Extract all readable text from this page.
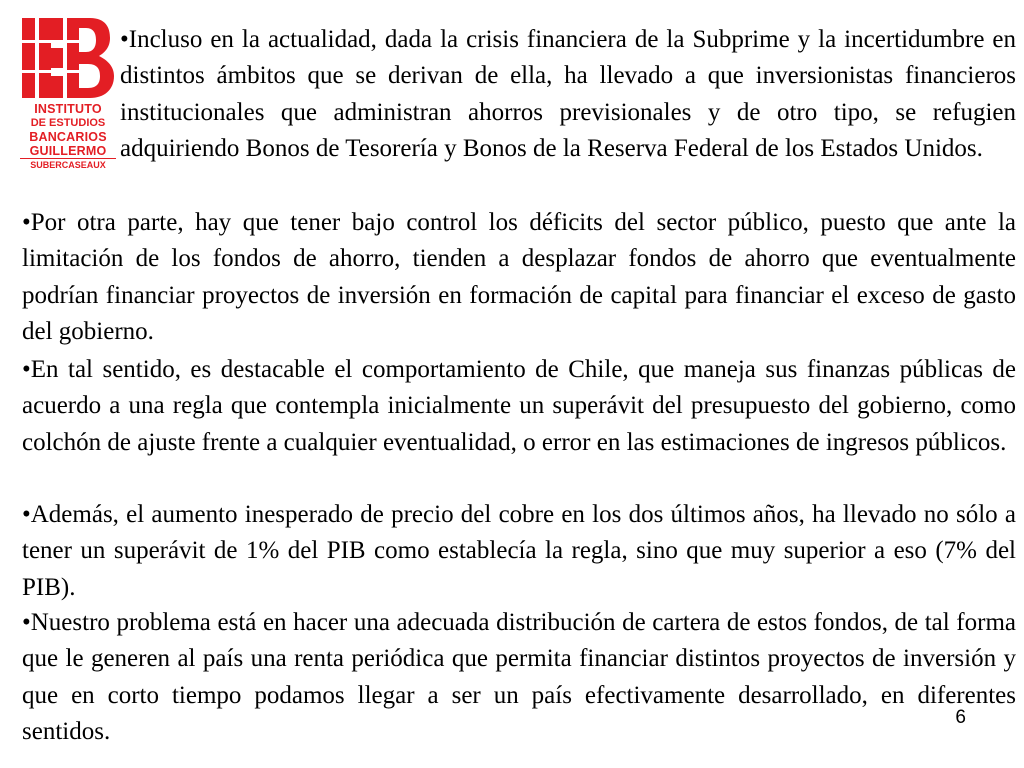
INSTITUTO
DE ESTUDIOS
BANCARIOS
GUILLERMO
SUBERCASEAUX

•Incluso en la actualidad, dada la crisis financiera de la Subprime y la incertidumbre en distintos ámbitos que se derivan de ella, ha llevado a que inversionistas financieros institucionales que administran ahorros previsionales y de otro tipo, se refugien adquiriendo Bonos de Tesorería y Bonos de la Reserva Federal de los Estados Unidos.

•Por otra parte, hay que tener bajo control los déficits del sector público, puesto que ante la limitación de los fondos de ahorro, tienden a desplazar fondos de ahorro que eventualmente podrían financiar proyectos de inversión en formación de capital para financiar el exceso de gasto del gobierno.

•En tal sentido, es destacable el comportamiento de Chile, que maneja sus finanzas públicas de acuerdo a una regla que contempla inicialmente un superávit del presupuesto del gobierno, como colchón de ajuste frente a cualquier eventualidad, o error en las estimaciones de ingresos públicos.

•Además, el aumento inesperado de precio del cobre en los dos últimos años, ha llevado no sólo a tener un superávit de 1% del PIB como establecía la regla, sino que muy superior a eso (7% del PIB).

•Nuestro problema está en hacer una adecuada distribución de cartera de estos fondos, de tal forma que le generen al país una renta periódica que permita financiar distintos proyectos de inversión y que en corto tiempo podamos llegar a ser un país efectivamente desarrollado, en diferentes sentidos.

6
